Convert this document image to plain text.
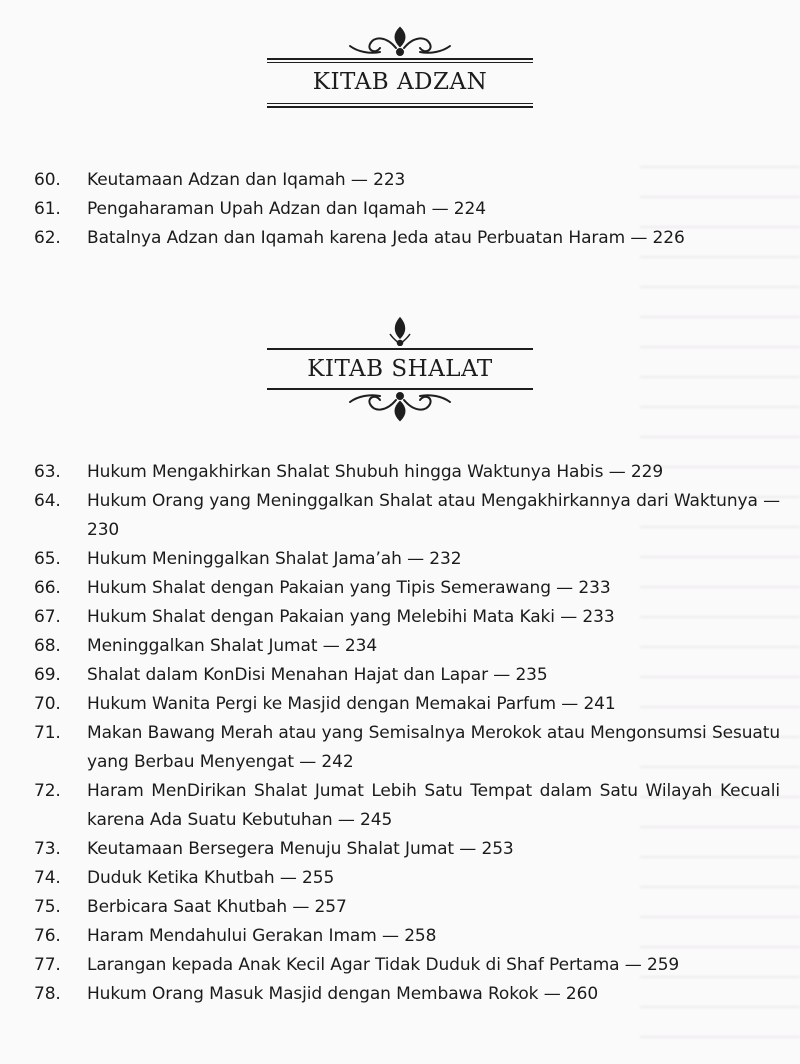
KITAB ADZAN
60.	Keutamaan Adzan dan Iqamah — 223
61.	Pengaharaman Upah Adzan dan Iqamah — 224
62.	Batalnya Adzan dan Iqamah karena Jeda atau Perbuatan Haram — 226
KITAB SHALAT
63.	Hukum Mengakhirkan Shalat Shubuh hingga Waktunya Habis — 229
64.	Hukum Orang yang Meninggalkan Shalat atau Mengakhirkannya dari Waktunya — 230
65.	Hukum Meninggalkan Shalat Jama’ah — 232
66.	Hukum Shalat dengan Pakaian yang Tipis Semerawang — 233
67.	Hukum Shalat dengan Pakaian yang Melebihi Mata Kaki — 233
68.	Meninggalkan Shalat Jumat — 234
69.	Shalat dalam KonDisi Menahan Hajat dan Lapar — 235
70.	Hukum Wanita Pergi ke Masjid dengan Memakai Parfum — 241
71.	Makan Bawang Merah atau yang Semisalnya Merokok atau Mengonsumsi Sesuatu yang Berbau Menyengat — 242
72.	Haram MenDirikan Shalat Jumat Lebih Satu Tempat dalam Satu Wilayah Kecuali karena Ada Suatu Kebutuhan — 245
73.	Keutamaan Bersegera Menuju Shalat Jumat — 253
74.	Duduk Ketika Khutbah — 255
75.	Berbicara Saat Khutbah — 257
76.	Haram Mendahului Gerakan Imam — 258
77.	Larangan kepada Anak Kecil Agar Tidak Duduk di Shaf Pertama — 259
78.	Hukum Orang Masuk Masjid dengan Membawa Rokok — 260
